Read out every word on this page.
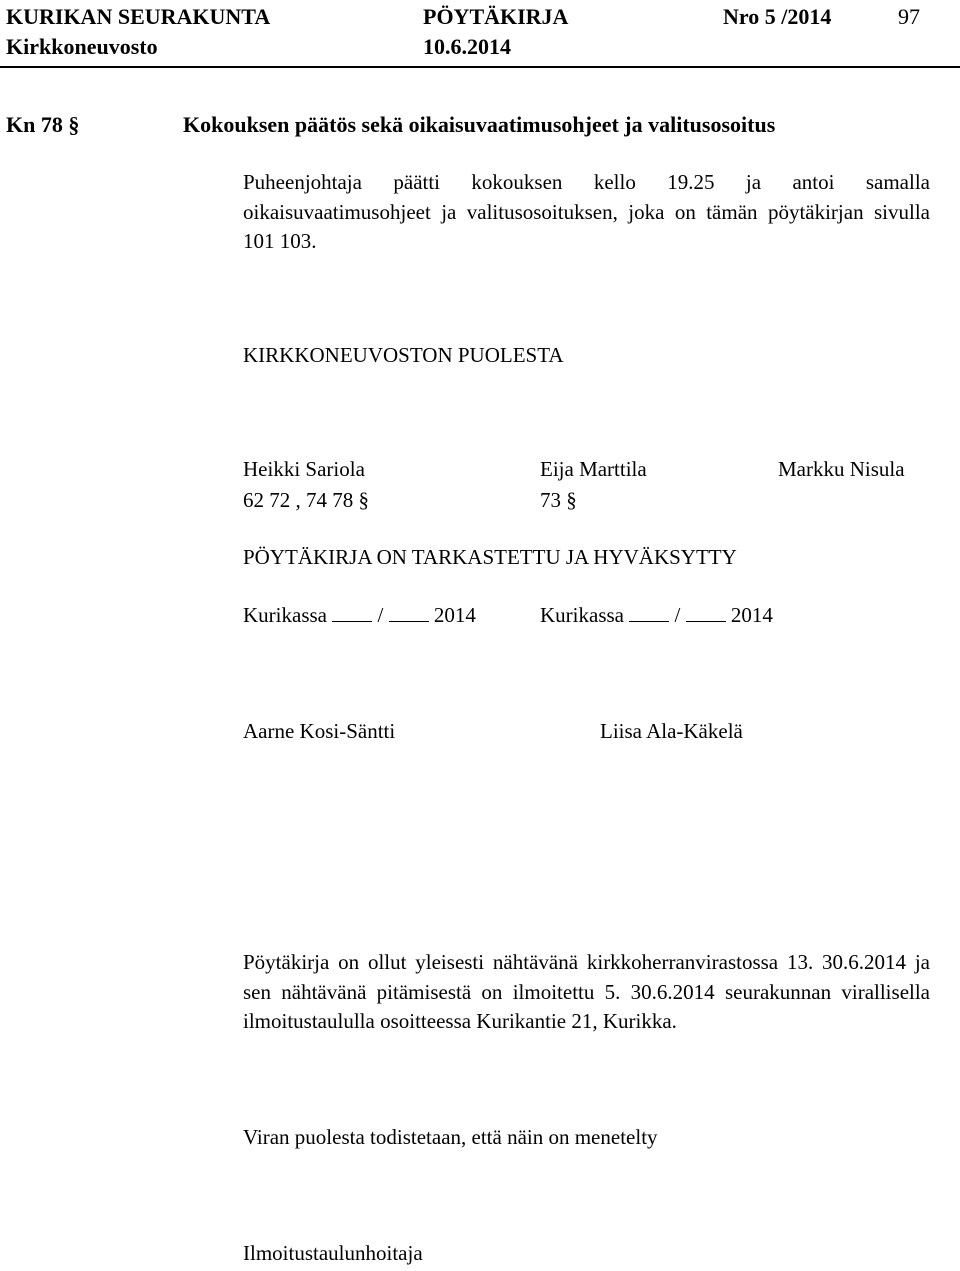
KURIKAN SEURAKUNTA	PÖYTÄKIRJA	Nro 5 /2014	97
Kirkkoneuvosto	10.6.2014
Kn 78 §	Kokouksen päätös sekä oikaisuvaatimusohjeet ja valitusosoitus
Puheenjohtaja päätti kokouksen kello 19.25 ja antoi samalla oikaisuvaatimusohjeet ja valitusosoituksen, joka on tämän pöytäkirjan sivulla 101 103.
KIRKKONEUVOSTON PUOLESTA
Heikki Sariola	Eija Marttila	Markku Nisula
62 72 , 74 78 §	73 §
PÖYTÄKIRJA ON TARKASTETTU JA HYVÄKSYTTY
Kurikassa / 2014	Kurikassa / 2014
Aarne Kosi-Säntti	Liisa Ala-Käkelä
Pöytäkirja on ollut yleisesti nähtävänä kirkkoherranvirastossa 13. 30.6.2014 ja sen nähtävänä pitämisestä on ilmoitettu 5. 30.6.2014 seurakunnan virallisella ilmoitustaululla osoitteessa Kurikantie 21, Kurikka.
Viran puolesta todistetaan, että näin on menetelty
Ilmoitustaulunhoitaja
